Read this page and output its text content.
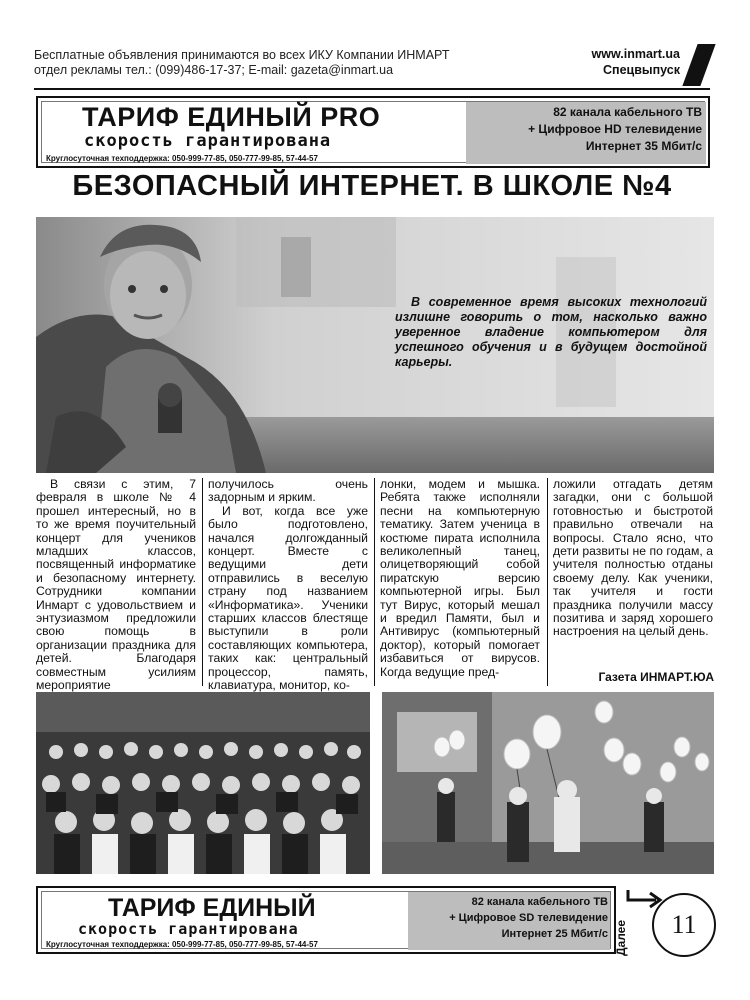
Бесплатные объявления принимаются во всех ИКУ Компании ИНМАРТ
отдел рекламы тел.: (099)486-17-37; E-mail: gazeta@inmart.ua
www.inmart.ua
Спецвыпуск
ТАРИФ ЕДИНЫЙ PRO
скорость гарантирована
Круглосуточная техподдержка: 050-999-77-85, 050-777-99-85, 57-44-57
82 канала кабельного ТВ
+ Цифровое HD телевидение
Интернет 35 Мбит/с
БЕЗОПАСНЫЙ ИНТЕРНЕТ. В ШКОЛЕ №4
В современное время высоких технологий излишне говорить о том, насколько важно уверенное владение компьютером для успешного обучения и в будущем достойной карьеры.

В связи с этим, 7 февраля в школе № 4 прошел интересный, но в то же время поучительный концерт для учеников младших классов, посвященный информатике и безопасному интернету. Сотрудники компании Инмарт с удовольствием и энтузиазмом предложили свою помощь в организации праздника для детей. Благодаря совместным усилиям мероприятие

получилось очень задорным и ярким.

И вот, когда все уже было подготовлено, начался долгожданный концерт. Вместе с ведущими дети отправились в веселую страну под названием «Информатика». Ученики старших классов блестяще выступили в роли составляющих компьютера, таких как: центральный процессор, память, клавиатура, монитор, ко-

лонки, модем и мышка. Ребята также исполняли песни на компьютерную тематику. Затем ученица в костюме пирата исполнила великолепный танец, олицетворяющий собой пиратскую версию компьютерной игры. Был тут Вирус, который мешал и вредил Памяти, был и Антивирус (компьютерный доктор), который помогает избавиться от вирусов. Когда ведущие пред-

ложили отгадать детям загадки, они с большой готовностью и быстротой правильно отвечали на вопросы. Стало ясно, что дети развиты не по годам, а учителя полностью отданы своему делу. Как ученики, так учителя и гости праздника получили массу позитива и заряд хорошего настроения на целый день.

Газета ИНМАРТ.ЮА
ТАРИФ ЕДИНЫЙ
скорость гарантирована
Круглосуточная техподдержка: 050-999-77-85, 050-777-99-85, 57-44-57
82 канала кабельного ТВ
+ Цифровое SD телевидение
Интернет 25 Мбит/с Далее	11
